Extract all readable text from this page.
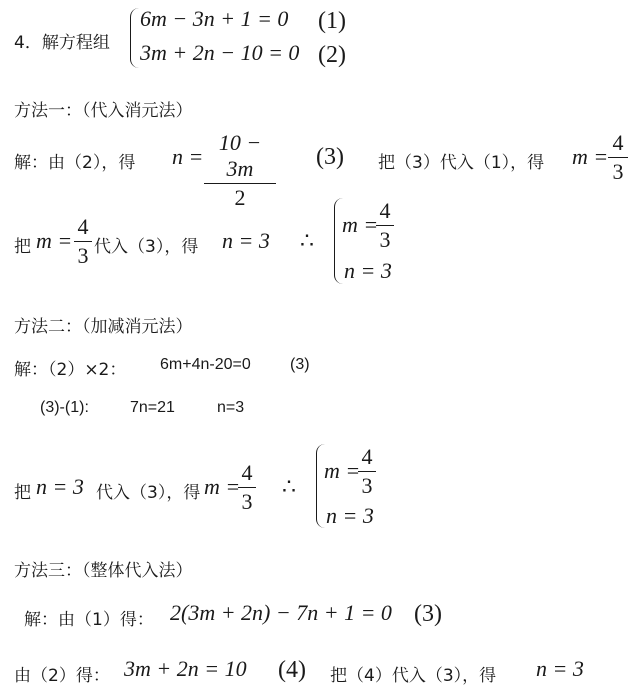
4．解方程组
6m − 3n + 1 = 0 (1)
3m + 2n − 10 = 0 (2)
方法一：（代入消元法）
解：由（2），得 n =
10 − 3m
2
(3) 把（3）代入（1），得 m =
4
3
把 m =
4
3 代入（3），得 n = 3 ∴
m =
4
3
n = 3
方法二：（加减消元法）
解：（2）×2： 6m+4n-20=0 (3)
(3)-(1):	7n=21	n=3
把 n = 3 代入（3），得 m =
4
3
∴
m =
4
3
n = 3
方法三：（整体代入法）
解：由（1）得： 2(3m + 2n) − 7n + 1 = 0 (3)
由（2）得： 3m + 2n = 10 (4) 把（4）代入（3），得 n = 3
